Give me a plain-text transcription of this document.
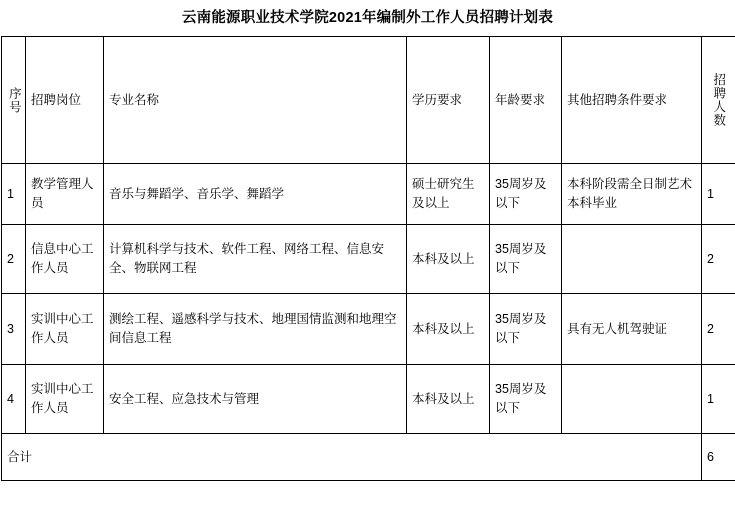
云南能源职业技术学院2021年编制外工作人员招聘计划表
序号	招聘岗位	专业名称	学历要求	年龄要求	其他招聘条件要求	招聘人数

1	教学管理人员	音乐与舞蹈学、音乐学、舞蹈学	硕士研究生及以上	35周岁及以下	本科阶段需全日制艺术本科毕业	1
2	信息中心工作人员	计算机科学与技术、软件工程、网络工程、信息安全、物联网工程	本科及以上	35周岁及以下		2
3	实训中心工作人员	测绘工程、遥感科学与技术、地理国情监测和地理空间信息工程	本科及以上	35周岁及以下	具有无人机驾驶证	2
4	实训中心工作人员	安全工程、应急技术与管理	本科及以上	35周岁及以下		1
合计						6
